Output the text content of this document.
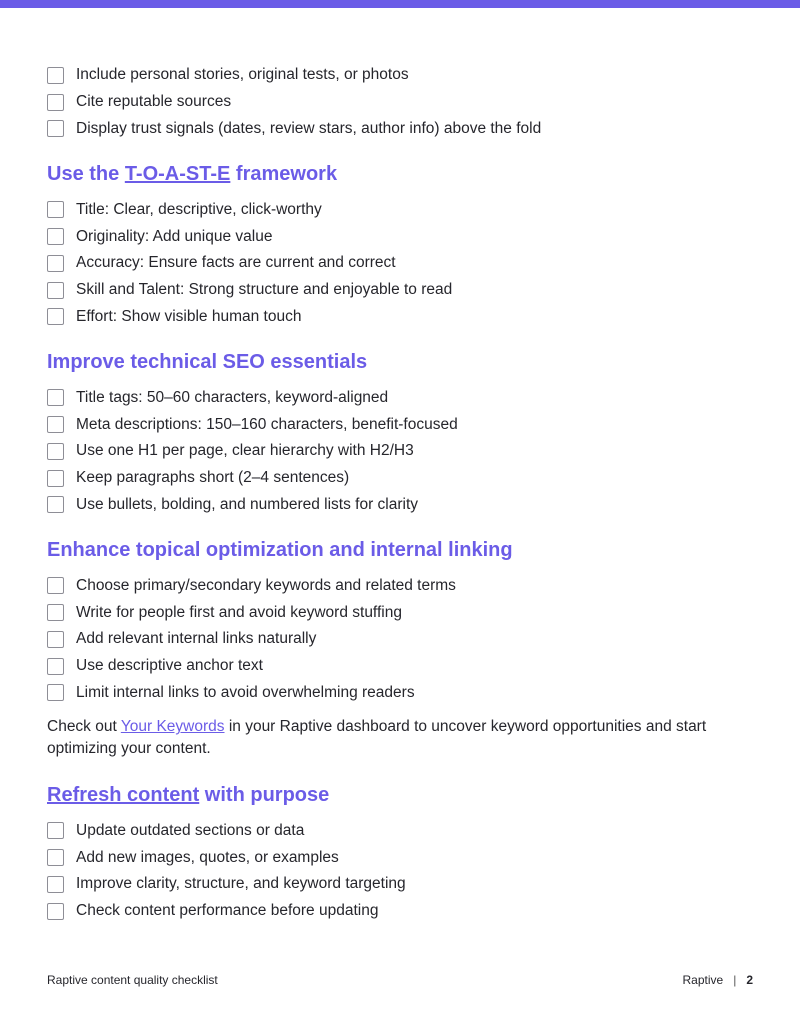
Include personal stories, original tests, or photos
Cite reputable sources
Display trust signals (dates, review stars, author info) above the fold
Use the T-O-A-ST-E framework
Title: Clear, descriptive, click-worthy
Originality: Add unique value
Accuracy: Ensure facts are current and correct
Skill and Talent: Strong structure and enjoyable to read
Effort: Show visible human touch
Improve technical SEO essentials
Title tags: 50–60 characters, keyword-aligned
Meta descriptions: 150–160 characters, benefit-focused
Use one H1 per page, clear hierarchy with H2/H3
Keep paragraphs short (2–4 sentences)
Use bullets, bolding, and numbered lists for clarity
Enhance topical optimization and internal linking
Choose primary/secondary keywords and related terms
Write for people first and avoid keyword stuffing
Add relevant internal links naturally
Use descriptive anchor text
Limit internal links to avoid overwhelming readers

Check out Your Keywords in your Raptive dashboard to uncover keyword opportunities and start optimizing your content.

Refresh content with purpose
Update outdated sections or data
Add new images, quotes, or examples
Improve clarity, structure, and keyword targeting
Check content performance before updating
Raptive content quality checklist	Raptive | 2
